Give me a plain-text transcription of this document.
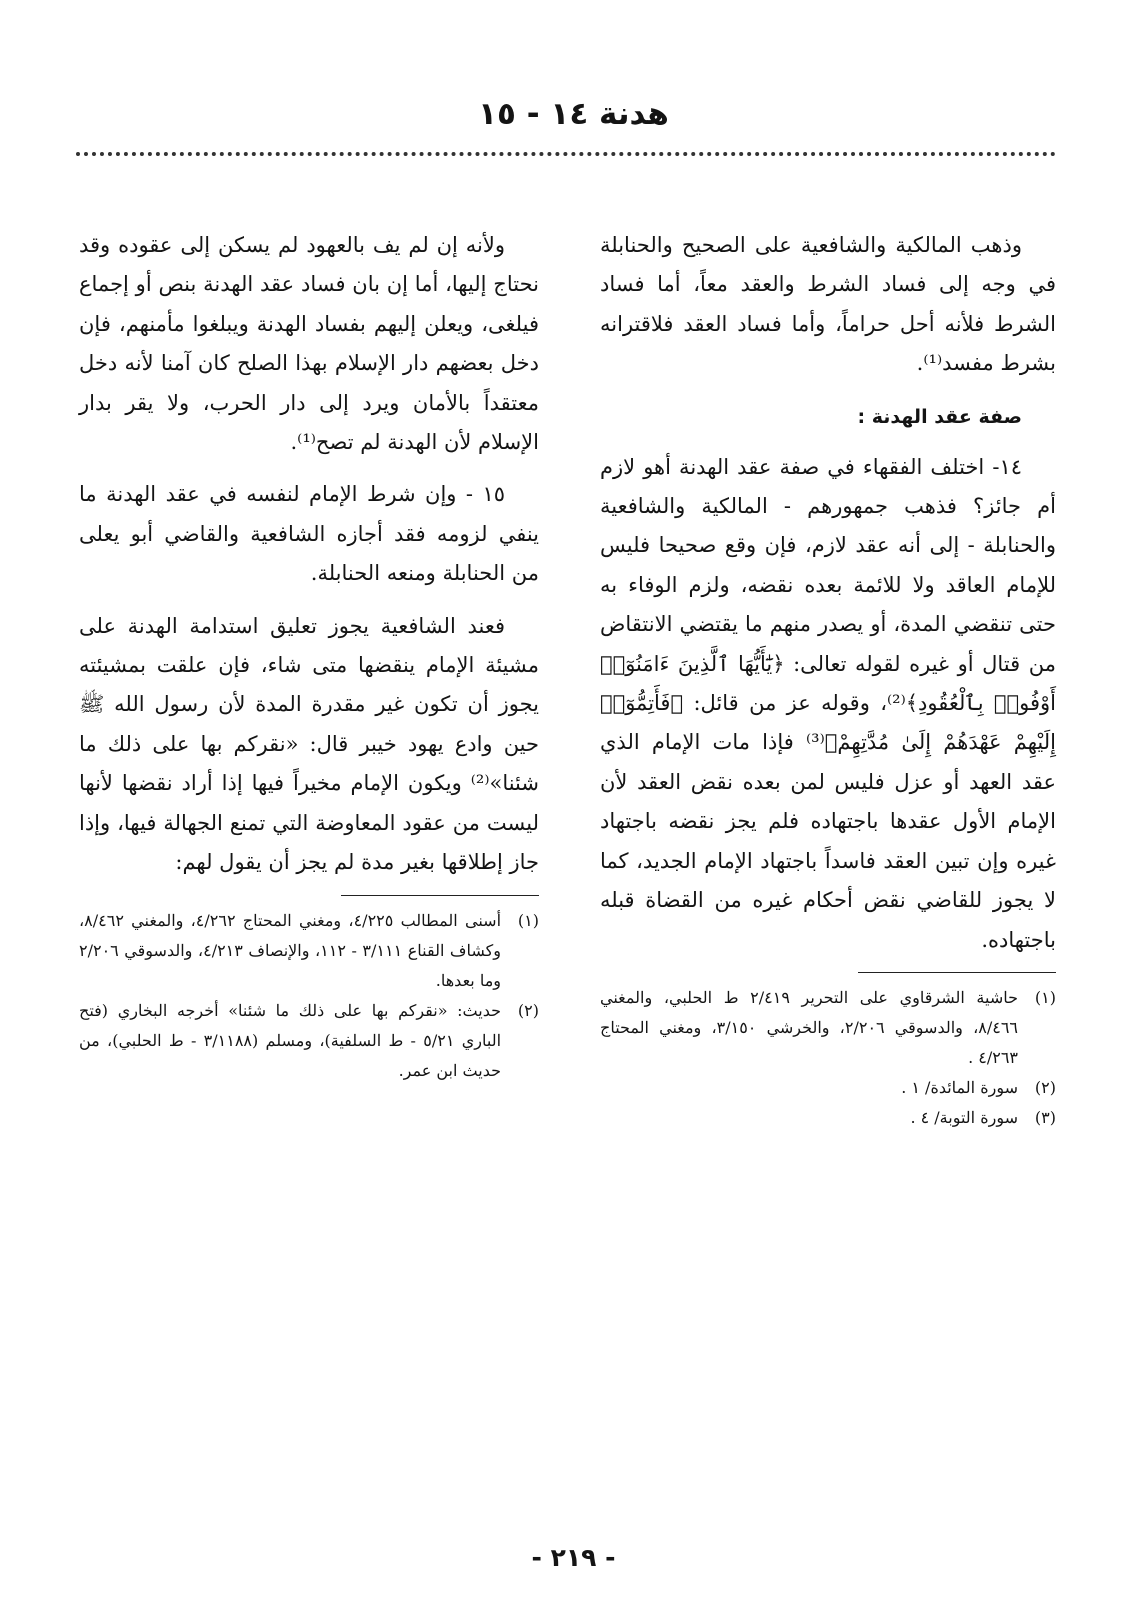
هدنة ١٤ - ١٥

وذهب المالكية والشافعية على الصحيح والحنابلة في وجه إلى فساد الشرط والعقد معاً، أما فساد الشرط فلأنه أحل حراماً، وأما فساد العقد فلاقترانه بشرط مفسد⁽¹⁾.

صفة عقد الهدنة :

١٤- اختلف الفقهاء في صفة عقد الهدنة أهو لازم أم جائز؟ فذهب جمهورهم - المالكية والشافعية والحنابلة - إلى أنه عقد لازم، فإن وقع صحيحا فليس للإمام العاقد ولا للائمة بعده نقضه، ولزم الوفاء به حتى تنقضي المدة، أو يصدر منهم ما يقتضي الانتقاض من قتال أو غيره لقوله تعالى: ﴿يَٰٓأَيُّهَا ٱلَّذِينَ ءَامَنُوٓا۟ أَوْفُوا۟ بِٱلْعُقُودِ﴾⁽²⁾، وقوله عز من قائل: ﴿فَأَتِمُّوٓا۟ إِلَيْهِمْ عَهْدَهُمْ إِلَىٰ مُدَّتِهِمْ﴾⁽³⁾ فإذا مات الإمام الذي عقد العهد أو عزل فليس لمن بعده نقض العقد لأن الإمام الأول عقدها باجتهاده فلم يجز نقضه باجتهاد غيره وإن تبين العقد فاسداً باجتهاد الإمام الجديد، كما لا يجوز للقاضي نقض أحكام غيره من القضاة قبله باجتهاده.

(١)
حاشية الشرقاوي على التحرير ٢/٤١٩ ط الحلبي، والمغني ٨/٤٦٦، والدسوقي ٢/٢٠٦، والخرشي ٣/١٥٠، ومغني المحتاج ٤/٢٦٣ .

(٢)
سورة المائدة/ ١ .

(٣)
سورة التوبة/ ٤ .

ولأنه إن لم يف بالعهود لم يسكن إلى عقوده وقد نحتاج إليها، أما إن بان فساد عقد الهدنة بنص أو إجماع فيلغى، ويعلن إليهم بفساد الهدنة ويبلغوا مأمنهم، فإن دخل بعضهم دار الإسلام بهذا الصلح كان آمنا لأنه دخل معتقداً بالأمان ويرد إلى دار الحرب، ولا يقر بدار الإسلام لأن الهدنة لم تصح⁽¹⁾.

١٥ - وإن شرط الإمام لنفسه في عقد الهدنة ما ينفي لزومه فقد أجازه الشافعية والقاضي أبو يعلى من الحنابلة ومنعه الحنابلة.

فعند الشافعية يجوز تعليق استدامة الهدنة على مشيئة الإمام ينقضها متى شاء، فإن علقت بمشيئته يجوز أن تكون غير مقدرة المدة لأن رسول الله ﷺ حين وادع يهود خيبر قال: «نقركم بها على ذلك ما شئنا»⁽²⁾ ويكون الإمام مخيراً فيها إذا أراد نقضها لأنها ليست من عقود المعاوضة التي تمنع الجهالة فيها، وإذا جاز إطلاقها بغير مدة لم يجز أن يقول لهم:

(١)
أسنى المطالب ٤/٢٢٥، ومغني المحتاج ٤/٢٦٢، والمغني ٨/٤٦٢، وكشاف القناع ٣/١١١ - ١١٢، والإنصاف ٤/٢١٣، والدسوقي ٢/٢٠٦ وما بعدها.

(٢)
حديث: «نقركم بها على ذلك ما شئنا» أخرجه البخاري (فتح الباري ٥/٢١ - ط السلفية)، ومسلم (٣/١١٨٨ - ط الحلبي)، من حديث ابن عمر.

- ٢١٩ -
